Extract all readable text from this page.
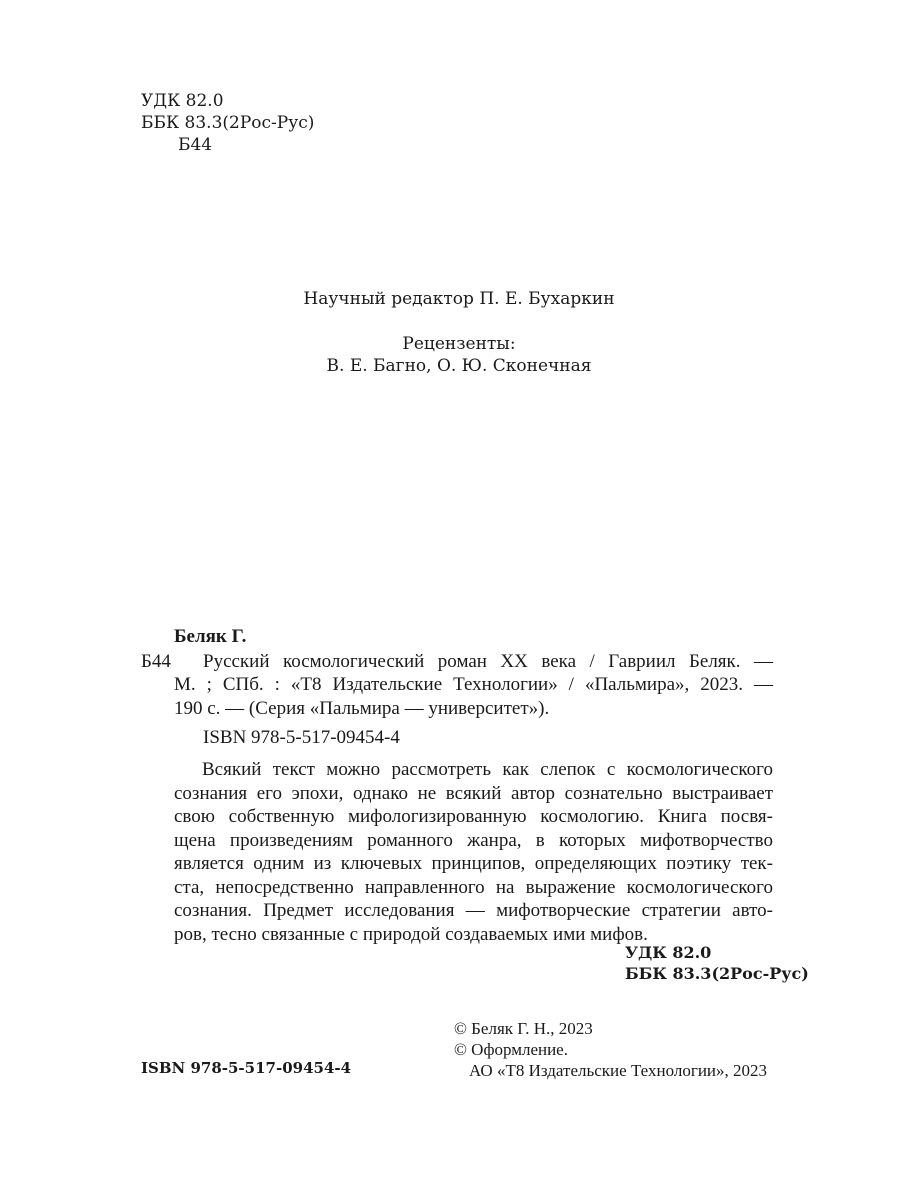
УДК 82.0
ББК 83.3(2Рос-Рус)
Б44
Научный редактор П. Е. Бухаркин
Рецензенты:
В. Е. Багно, О. Ю. Сконечная
Беляк Г.
Б44 Русский космологический роман XX века / Гавриил Беляк. —
М. ; СПб. : «Т8 Издательские Технологии» / «Пальмира», 2023. —
190 с. — (Серия «Пальмира — университет»).
ISBN 978-5-517-09454-4
Всякий текст можно рассмотреть как слепок с космологического
сознания его эпохи, однако не всякий автор сознательно выстраивает
свою собственную мифологизированную космологию. Книга посвя-
щена произведениям романного жанра, в которых мифотворчество
является одним из ключевых принципов, определяющих поэтику тек-
ста, непосредственно направленного на выражение космологического
сознания. Предмет исследования — мифотворческие стратегии авто-
ров, тесно связанные с природой создаваемых ими мифов.
УДК 82.0
ББК 83.3(2Рос-Рус)
ISBN 978-5-517-09454-4
© Беляк Г. Н., 2023
© Оформление.
АО «Т8 Издательские Технологии», 2023
